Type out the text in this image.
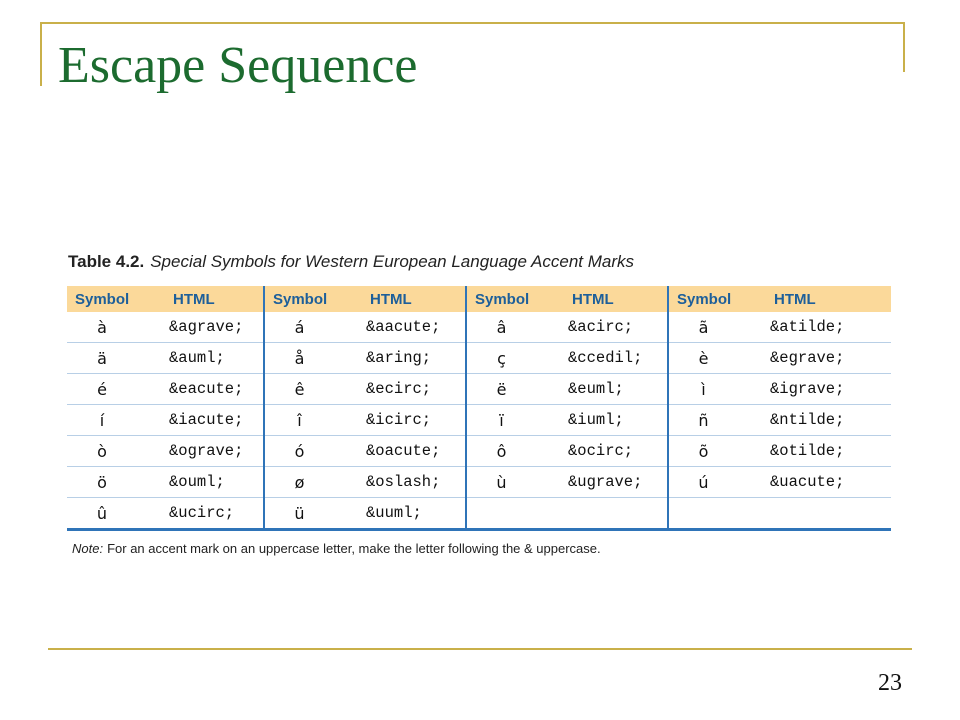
Escape Sequence
Table 4.2. Special Symbols for Western European Language Accent Marks
Symbol	HTML	Symbol	HTML	Symbol	HTML	Symbol	HTML
à	&agrave;	á	&aacute;	â	&acirc;	ã	&atilde;
ä	&auml;	å	&aring;	ç	&ccedil;	è	&egrave;
é	&eacute;	ê	&ecirc;	ë	&euml;	ì	&igrave;
í	&iacute;	î	&icirc;	ï	&iuml;	ñ	&ntilde;
ò	&ograve;	ó	&oacute;	ô	&ocirc;	õ	&otilde;
ö	&ouml;	ø	&oslash;	ù	&ugrave;	ú	&uacute;
û	&ucirc;	ü	&uuml;				
Note: For an accent mark on an uppercase letter, make the letter following the & uppercase.
23
